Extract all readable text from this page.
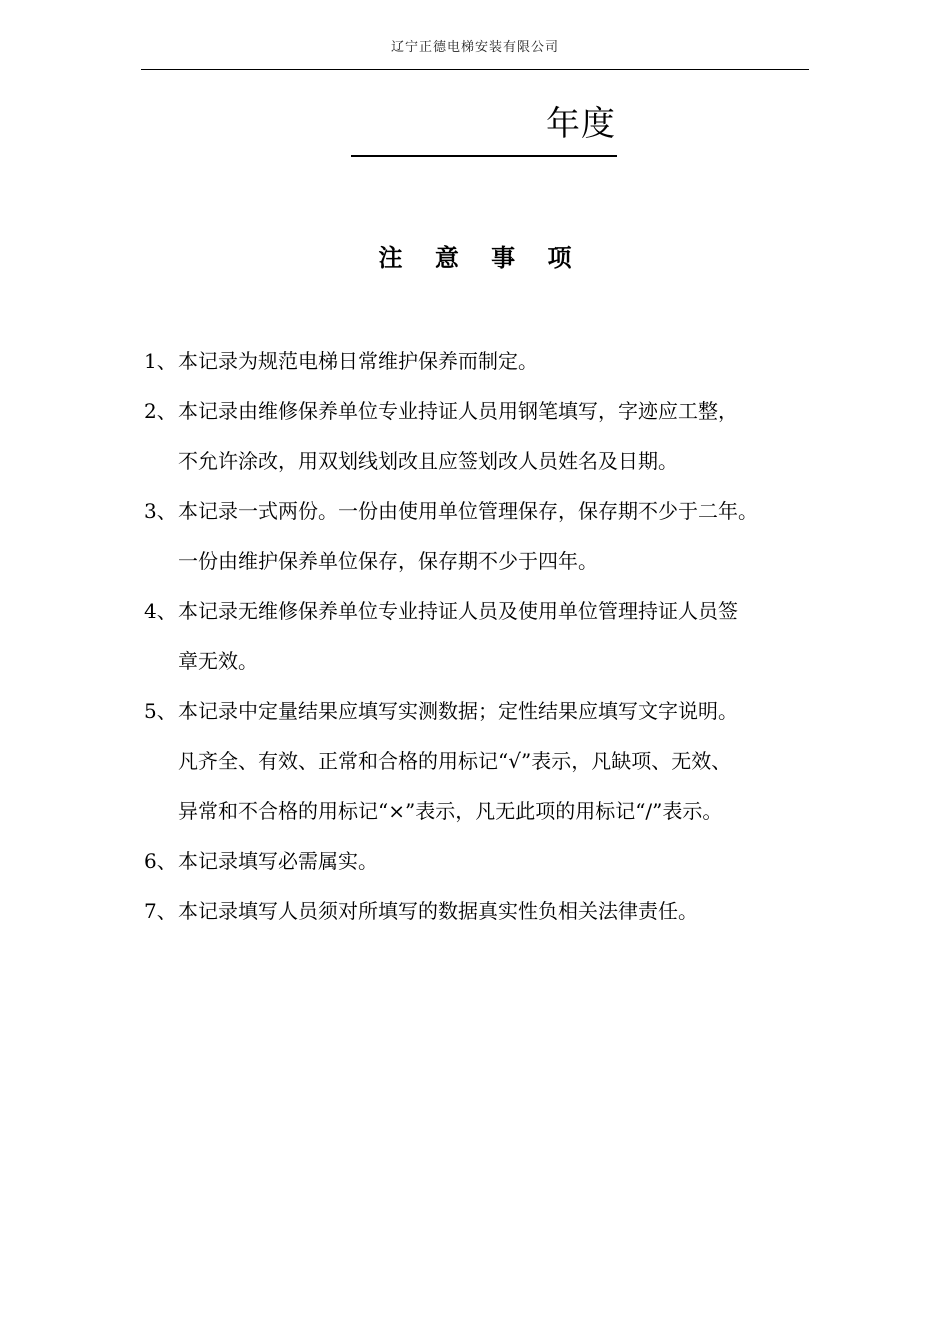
辽宁正德电梯安装有限公司
年度
注 意 事 项
1、 本记录为规范电梯日常维护保养而制定。
2、 本记录由维修保养单位专业持证人员用钢笔填写，字迹应工整，
不允许涂改，用双划线划改且应签划改人员姓名及日期。
3、 本记录一式两份。一份由使用单位管理保存，保存期不少于二年。
一份由维护保养单位保存，保存期不少于四年。
4、 本记录无维修保养单位专业持证人员及使用单位管理持证人员签
章无效。
5、 本记录中定量结果应填写实测数据；定性结果应填写文字说明。
凡齐全、有效、正常和合格的用标记“√”表示，凡缺项、无效、
异常和不合格的用标记“×”表示，凡无此项的用标记“/”表示。
6、 本记录填写必需属实。
7、 本记录填写人员须对所填写的数据真实性负相关法律责任。
